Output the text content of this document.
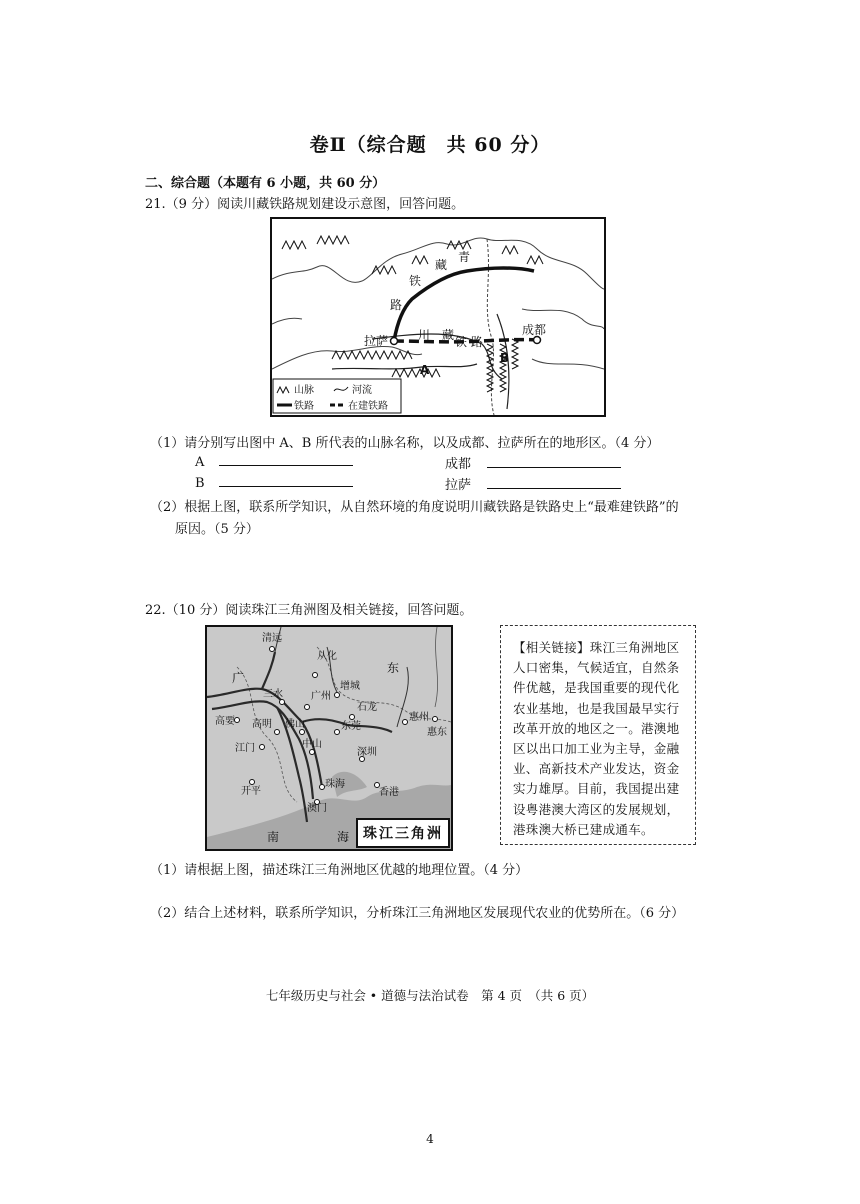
卷Ⅱ（综合题　共 60 分）
二、综合题（本题有 6 小题，共 60 分）
21.（9 分）阅读川藏铁路规划建设示意图，回答问题。
青
藏
铁
路
拉萨 川　藏 铁 路
成都
A
B
山脉	河流
铁路	在建铁路
（1）请分别写出图中 A、B 所代表的山脉名称，以及成都、拉萨所在的地形区。（4 分）
A	成都
B	拉萨
（2）根据上图，联系所学知识，从自然环境的角度说明川藏铁路是铁路史上“最难建铁路”的
原因。（5 分）
22.（10 分）阅读珠江三角洲图及相关链接，回答问题。
清远
从化
广
东
增城
三水	广州
石龙
惠州
高要 高明 佛山	东莞
惠东
江门	中山
深圳
开平
珠海
香港
澳门
南	海 珠江三角洲

【相关链接】珠江三角洲地区

人口密集，气候适宜，自然条

件优越，是我国重要的现代化

农业基地，也是我国最早实行

改革开放的地区之一。港澳地

区以出口加工业为主导，金融

业、高新技术产业发达，资金

实力雄厚。目前，我国提出建

设粤港澳大湾区的发展规划，

港珠澳大桥已建成通车。

（1）请根据上图，描述珠江三角洲地区优越的地理位置。（4 分）
（2）结合上述材料，联系所学知识，分析珠江三角洲地区发展现代农业的优势所在。（6 分）
七年级历史与社会 • 道德与法治试卷　第 4 页　（共 6 页）
4
